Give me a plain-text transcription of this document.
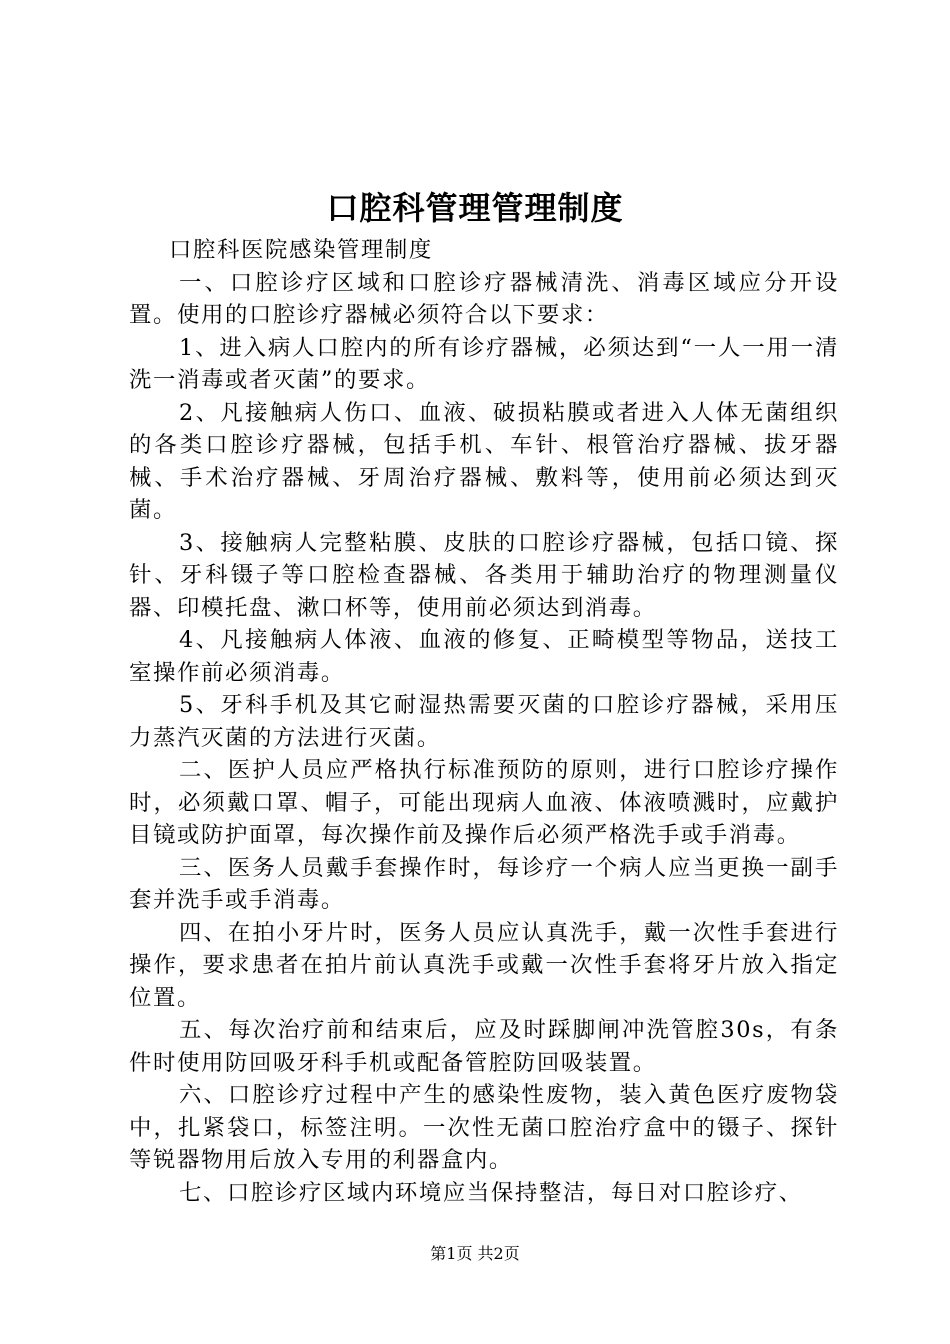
口腔科管理管理制度

口腔科医院感染管理制度

一、口腔诊疗区域和口腔诊疗器械清洗、消毒区域应分开设置。使用的口腔诊疗器械必须符合以下要求：

1、进入病人口腔内的所有诊疗器械，必须达到“一人一用一清洗一消毒或者灭菌”的要求。

2、凡接触病人伤口、血液、破损粘膜或者进入人体无菌组织的各类口腔诊疗器械，包括手机、车针、根管治疗器械、拔牙器械、手术治疗器械、牙周治疗器械、敷料等，使用前必须达到灭菌。

3、接触病人完整粘膜、皮肤的口腔诊疗器械，包括口镜、探针、牙科镊子等口腔检查器械、各类用于辅助治疗的物理测量仪器、印模托盘、漱口杯等，使用前必须达到消毒。

4、凡接触病人体液、血液的修复、正畸模型等物品，送技工室操作前必须消毒。

5、牙科手机及其它耐湿热需要灭菌的口腔诊疗器械，采用压力蒸汽灭菌的方法进行灭菌。

二、医护人员应严格执行标准预防的原则，进行口腔诊疗操作时，必须戴口罩、帽子，可能出现病人血液、体液喷溅时，应戴护目镜或防护面罩，每次操作前及操作后必须严格洗手或手消毒。

三、医务人员戴手套操作时，每诊疗一个病人应当更换一副手套并洗手或手消毒。

四、在拍小牙片时，医务人员应认真洗手，戴一次性手套进行操作，要求患者在拍片前认真洗手或戴一次性手套将牙片放入指定位置。

五、每次治疗前和结束后，应及时踩脚闸冲洗管腔30s，有条件时使用防回吸牙科手机或配备管腔防回吸装置。

六、口腔诊疗过程中产生的感染性废物，装入黄色医疗废物袋中，扎紧袋口，标签注明。一次性无菌口腔治疗盒中的镊子、探针等锐器物用后放入专用的利器盒内。

七、口腔诊疗区域内环境应当保持整洁，每日对口腔诊疗、

第1页 共2页
